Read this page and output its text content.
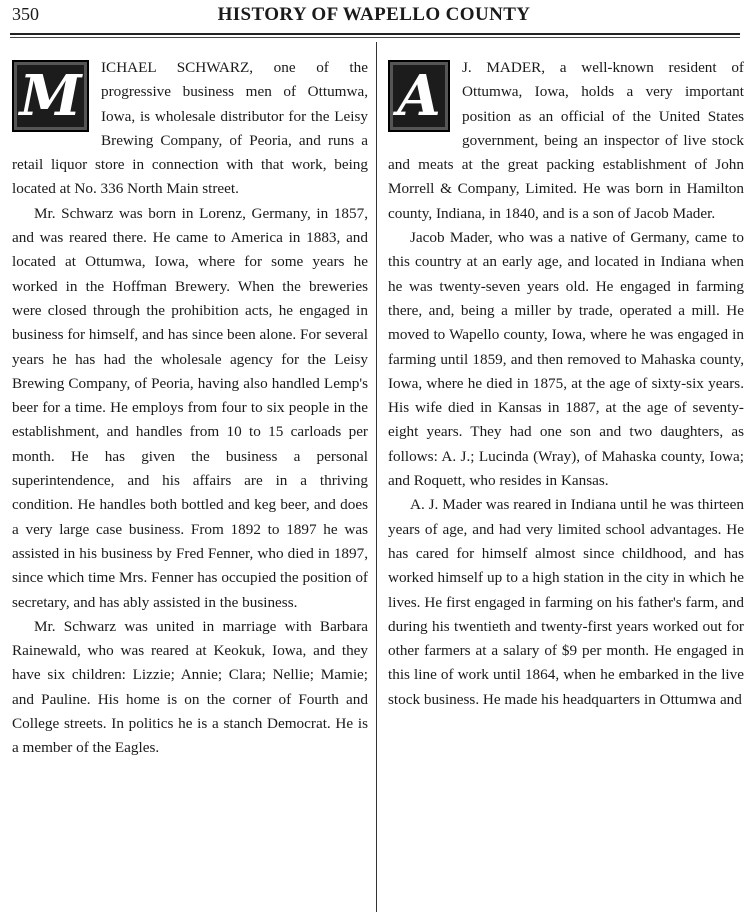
350	HISTORY OF WAPELLO COUNTY

M	ICHAEL SCHWARZ, one of the progressive business men of Ottumwa, Iowa, is wholesale distributor for the Leisy Brewing Company, of Peoria, and runs a retail liquor store in connection with that work, being located at No. 336 North Main street.

Mr. Schwarz was born in Lorenz, Germany, in 1857, and was reared there. He came to America in 1883, and located at Ottumwa, Iowa, where for some years he worked in the Hoffman Brewery. When the breweries were closed through the prohibition acts, he engaged in business for himself, and has since been alone. For several years he has had the wholesale agency for the Leisy Brewing Company, of Peoria, having also handled Lemp's beer for a time. He employs from four to six people in the establishment, and handles from 10 to 15 carloads per month. He has given the business a personal superintendence, and his affairs are in a thriving condition. He handles both bottled and keg beer, and does a very large case business. From 1892 to 1897 he was assisted in his business by Fred Fenner, who died in 1897, since which time Mrs. Fenner has occupied the position of secretary, and has ably assisted in the business.

Mr. Schwarz was united in marriage with Barbara Rainewald, who was reared at Keokuk, Iowa, and they have six children: Lizzie; Annie; Clara; Nellie; Mamie; and Pauline. His home is on the corner of Fourth and College streets. In politics he is a stanch Democrat. He is a member of the Eagles.

A	J. MADER, a well-known resident of Ottumwa, Iowa, holds a very important position as an official of the United States government, being an inspector of live stock and meats at the great packing establishment of John Morrell & Company, Limited. He was born in Hamilton county, Indiana, in 1840, and is a son of Jacob Mader.

Jacob Mader, who was a native of Germany, came to this country at an early age, and located in Indiana when he was twenty-seven years old. He engaged in farming there, and, being a miller by trade, operated a mill. He moved to Wapello county, Iowa, where he was engaged in farming until 1859, and then removed to Mahaska county, Iowa, where he died in 1875, at the age of sixty-six years. His wife died in Kansas in 1887, at the age of seventy-eight years. They had one son and two daughters, as follows: A. J.; Lucinda (Wray), of Mahaska county, Iowa; and Roquett, who resides in Kansas.

A. J. Mader was reared in Indiana until he was thirteen years of age, and had very limited school advantages. He has cared for himself almost since childhood, and has worked himself up to a high station in the city in which he lives. He first engaged in farming on his father's farm, and during his twentieth and twenty-first years worked out for other farmers at a salary of $9 per month. He engaged in this line of work until 1864, when he embarked in the live stock business. He made his headquarters in Ottumwa and
